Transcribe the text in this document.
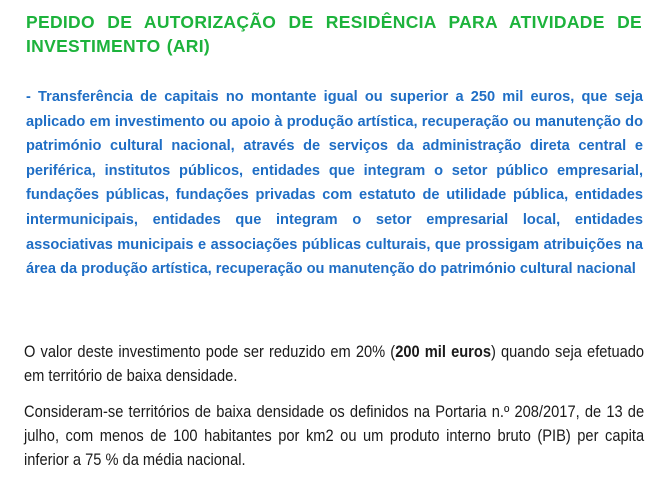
PEDIDO DE AUTORIZAÇÃO DE RESIDÊNCIA PARA ATIVIDADE DE INVESTIMENTO (ARI)

- Transferência de capitais no montante igual ou superior a 250 mil euros, que seja aplicado em investimento ou apoio à produção artística, recuperação ou manutenção do património cultural nacional, através de serviços da administração direta central e periférica, institutos públicos, entidades que integram o setor público empresarial, fundações públicas, fundações privadas com estatuto de utilidade pública, entidades intermunicipais, entidades que integram o setor empresarial local, entidades associativas municipais e associações públicas culturais, que prossigam atribuições na área da produção artística, recuperação ou manutenção do património cultural nacional

O valor deste investimento pode ser reduzido em 20% (200 mil euros) quando seja efetuado em território de baixa densidade.

Consideram-se territórios de baixa densidade os definidos na Portaria n.º 208/2017, de 13 de julho, com menos de 100 habitantes por km2 ou um produto interno bruto (PIB) per capita inferior a 75 % da média nacional.
